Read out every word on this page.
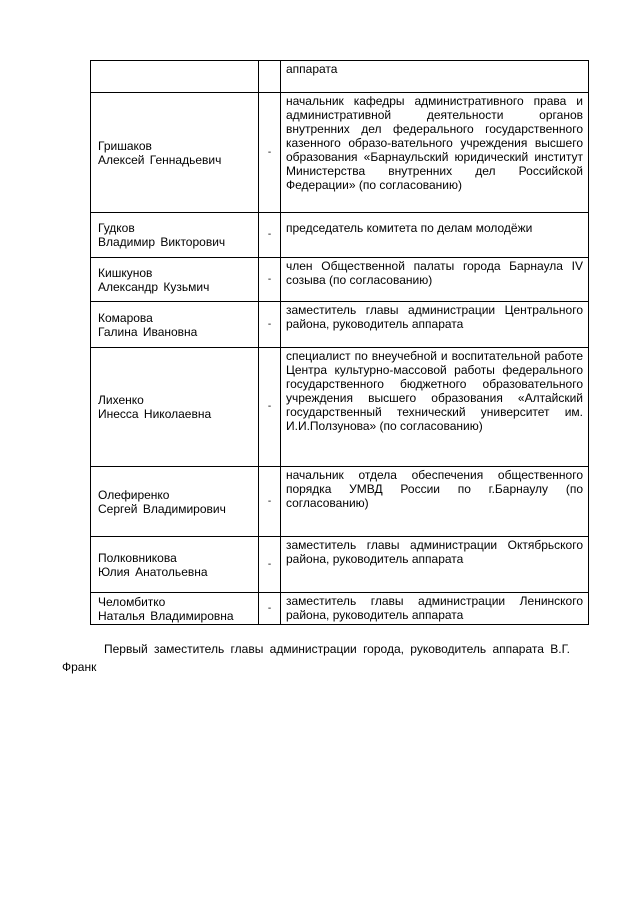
		аппарата

Гришаков
Алексей Геннадьевич	-	начальник кафедры административного права и административной деятельности органов внутренних дел федерального государственного казенного образо-вательного учреждения высшего образования «Барнаульский юридический институт Министерства внутренних дел Российской Федерации» (по согласованию)

Гудков
Владимир Викторович	-	председатель комитета по делам молодёжи

Кишкунов
Александр Кузьмич	-	член Общественной палаты города Барнаула IV созыва (по согласованию)

Комарова
Галина Ивановна	-	заместитель главы администрации Центрального района, руководитель аппарата

Лихенко
Инесса Николаевна	-	специалист по внеучебной и воспитательной работе Центра культурно-массовой работы федерального государственного бюджетного образовательного учреждения высшего образования «Алтайский государственный технический университет им. И.И.Ползунова» (по согласованию)

Олефиренко
Сергей Владимирович	-	начальник отдела обеспечения общественного порядка УМВД России по г.Барнаулу (по согласованию)

Полковникова
Юлия Анатольевна	-	заместитель главы администрации Октябрьского района, руководитель аппарата

Челомбитко
Наталья Владимировна	-	заместитель главы администрации Ленинского района, руководитель аппарата
Первый заместитель главы администрации города, руководитель аппарата В.Г. Франк
